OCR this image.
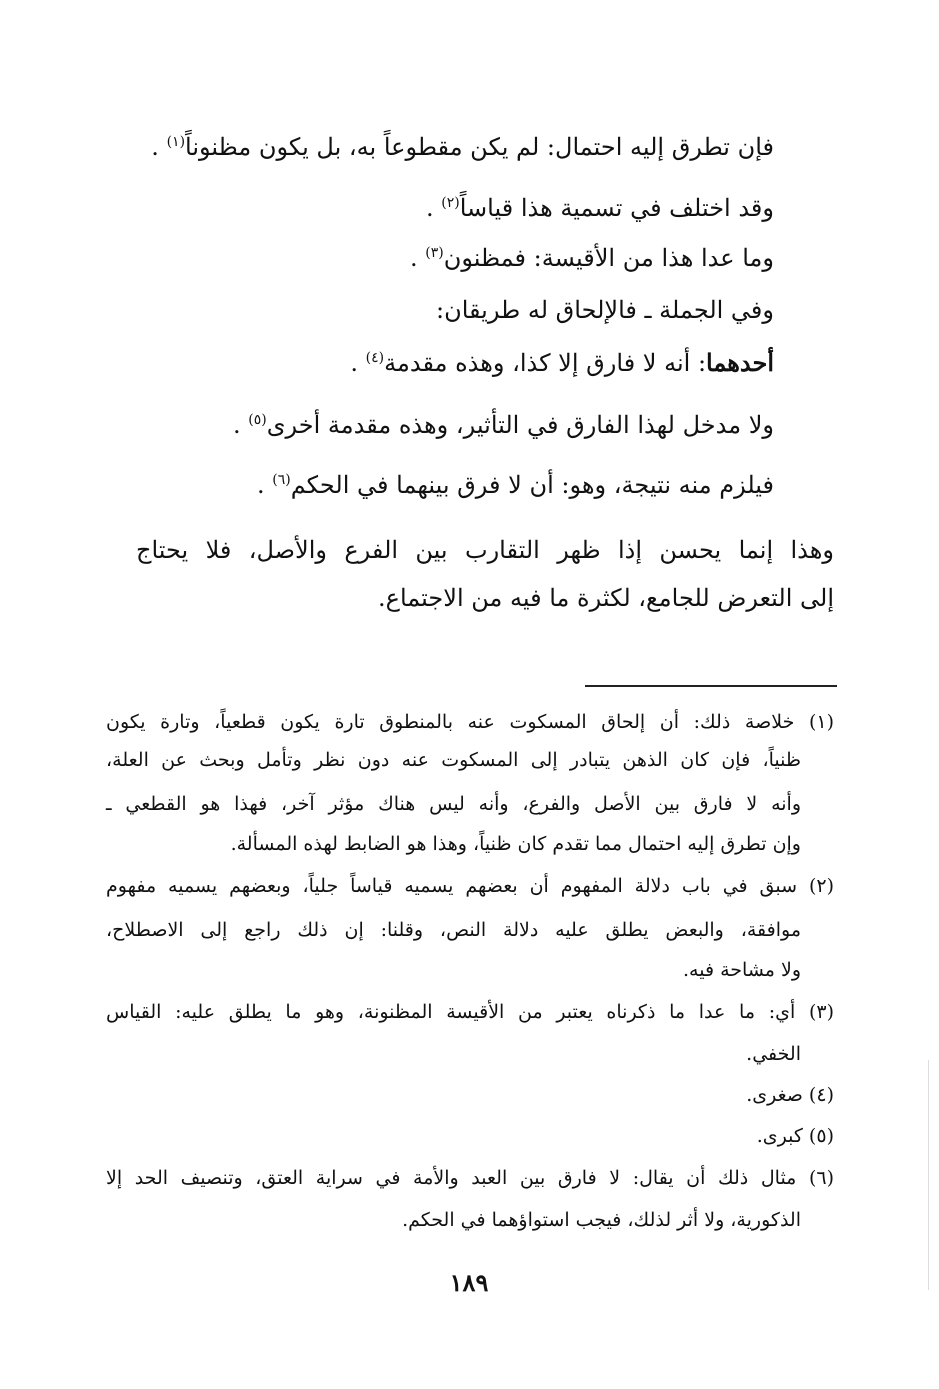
فإن تطرق إليه احتمال: لم يكن مقطوعاً به، بل يكون مظنوناً$^{(١)}$ .
وقد اختلف في تسمية هذا قياساً$^{(٢)}$ .
وما عدا هذا من الأقيسة: فمظنون$^{(٣)}$ .
وفي الجملة ـ فالإلحاق له طريقان:
أحدهما: أنه لا فارق إلا كذا، وهذه مقدمة$^{(٤)}$ .
ولا مدخل لهذا الفارق في التأثير، وهذه مقدمة أخرى$^{(٥)}$ .
فيلزم منه نتيجة، وهو: أن لا فرق بينهما في الحكم$^{(٦)}$ .
وهذا إنما يحسن إذا ظهر التقارب بين الفرع والأصل، فلا يحتاج
إلى التعرض للجامع، لكثرة ما فيه من الاجتماع.
(١) خلاصة ذلك: أن إلحاق المسكوت عنه بالمنطوق تارة يكون قطعياً، وتارة يكون
ظنياً، فإن كان الذهن يتبادر إلى المسكوت عنه دون نظر وتأمل وبحث عن العلة،
وأنه لا فارق بين الأصل والفرع، وأنه ليس هناك مؤثر آخر، فهذا هو القطعي ـ
وإن تطرق إليه احتمال مما تقدم كان ظنياً، وهذا هو الضابط لهذه المسألة.
(٢) سبق في باب دلالة المفهوم أن بعضهم يسميه قياساً جلياً، وبعضهم يسميه مفهوم
موافقة، والبعض يطلق عليه دلالة النص، وقلنا: إن ذلك راجع إلى الاصطلاح،
ولا مشاحة فيه.
(٣) أي: ما عدا ما ذكرناه يعتبر من الأقيسة المظنونة، وهو ما يطلق عليه: القياس
الخفي.
(٤) صغرى.
(٥) كبرى.
(٦) مثال ذلك أن يقال: لا فارق بين العبد والأمة في سراية العتق، وتنصيف الحد إلا
الذكورية، ولا أثر لذلك، فيجب استواؤهما في الحكم.
١٨٩
